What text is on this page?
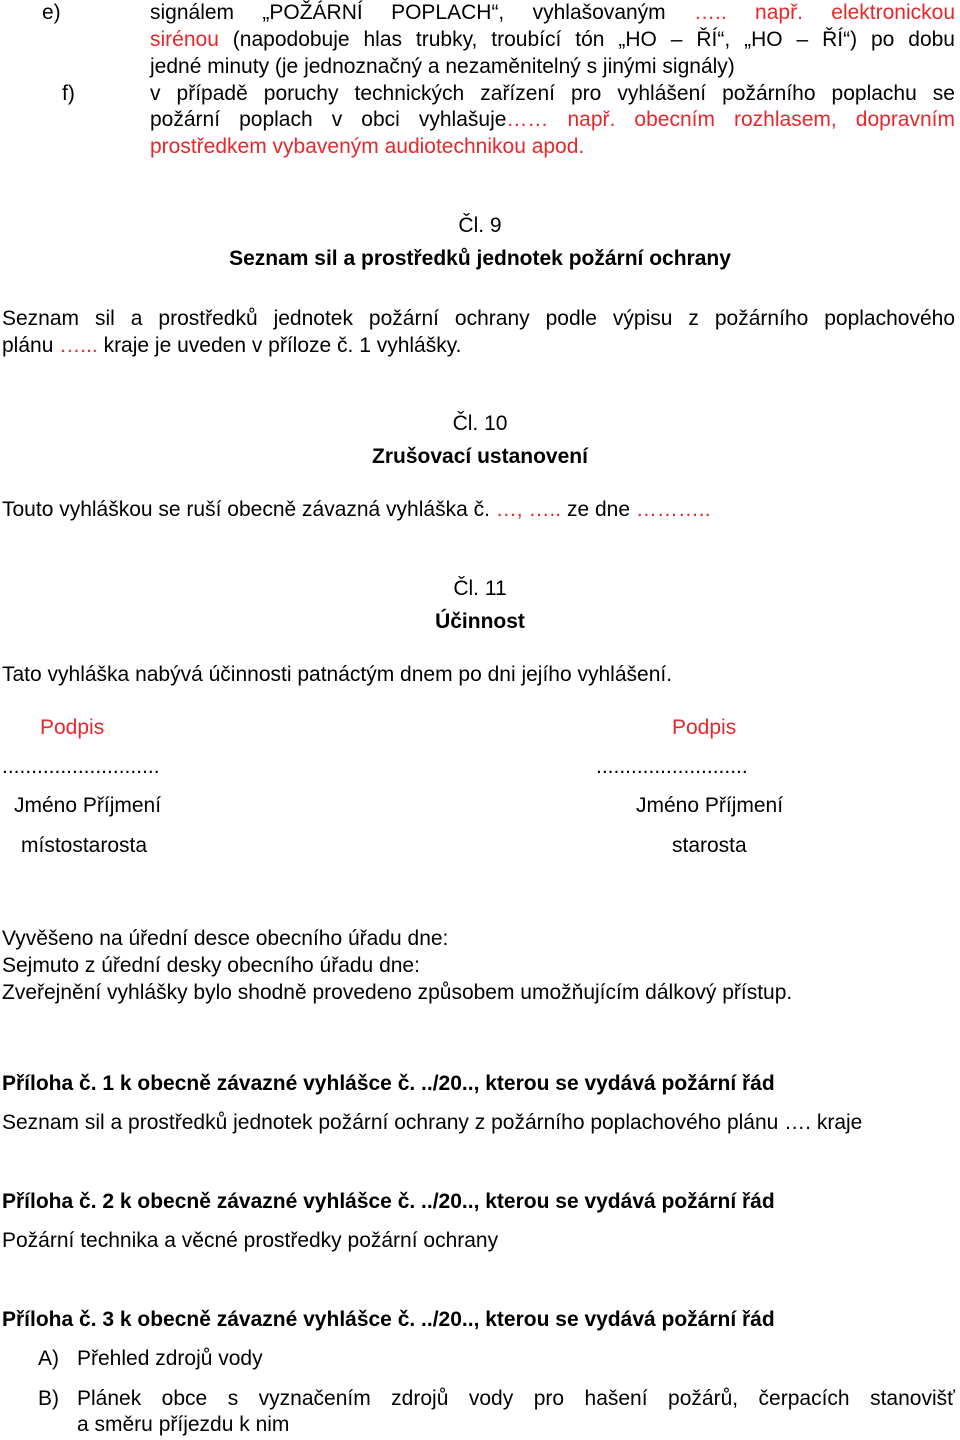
e)	signálem „POŽÁRNÍ POPLACH“, vyhlašovaným ….. např. elektronickou
sirénou (napodobuje hlas trubky, troubící tón „HO – ŘÍ“, „HO – ŘÍ“) po dobu
jedné minuty (je jednoznačný a nezaměnitelný s jinými signály)
f)	v případě poruchy technických zařízení pro vyhlášení požárního poplachu se
požární poplach v obci vyhlašuje…… např. obecním rozhlasem, dopravním
prostředkem vybaveným audiotechnikou apod.
Čl. 9
Seznam sil a prostředků jednotek požární ochrany
Seznam sil a prostředků jednotek požární ochrany podle výpisu z požárního poplachového
plánu …... kraje je uveden v příloze č. 1 vyhlášky.
Čl. 10
Zrušovací ustanovení
Touto vyhláškou se ruší obecně závazná vyhláška č. …, ….. ze dne ………..
Čl. 11
Účinnost
Tato vyhláška nabývá účinnosti patnáctým dnem po dni jejího vyhlášení.
Podpis	Podpis
...........................	..........................
Jméno Příjmení	Jméno Příjmení
místostarosta	starosta
Vyvěšeno na úřední desce obecního úřadu dne:
Sejmuto z úřední desky obecního úřadu dne:
Zveřejnění vyhlášky bylo shodně provedeno způsobem umožňujícím dálkový přístup.
Příloha č. 1 k obecně závazné vyhlášce č. ../20.., kterou se vydává požární řád
Seznam sil a prostředků jednotek požární ochrany z požárního poplachového plánu …. kraje
Příloha č. 2 k obecně závazné vyhlášce č. ../20.., kterou se vydává požární řád
Požární technika a věcné prostředky požární ochrany
Příloha č. 3 k obecně závazné vyhlášce č. ../20.., kterou se vydává požární řád
A) Přehled zdrojů vody
B) Plánek obce s vyznačením zdrojů vody pro hašení požárů, čerpacích stanovišť
a směru příjezdu k nim
